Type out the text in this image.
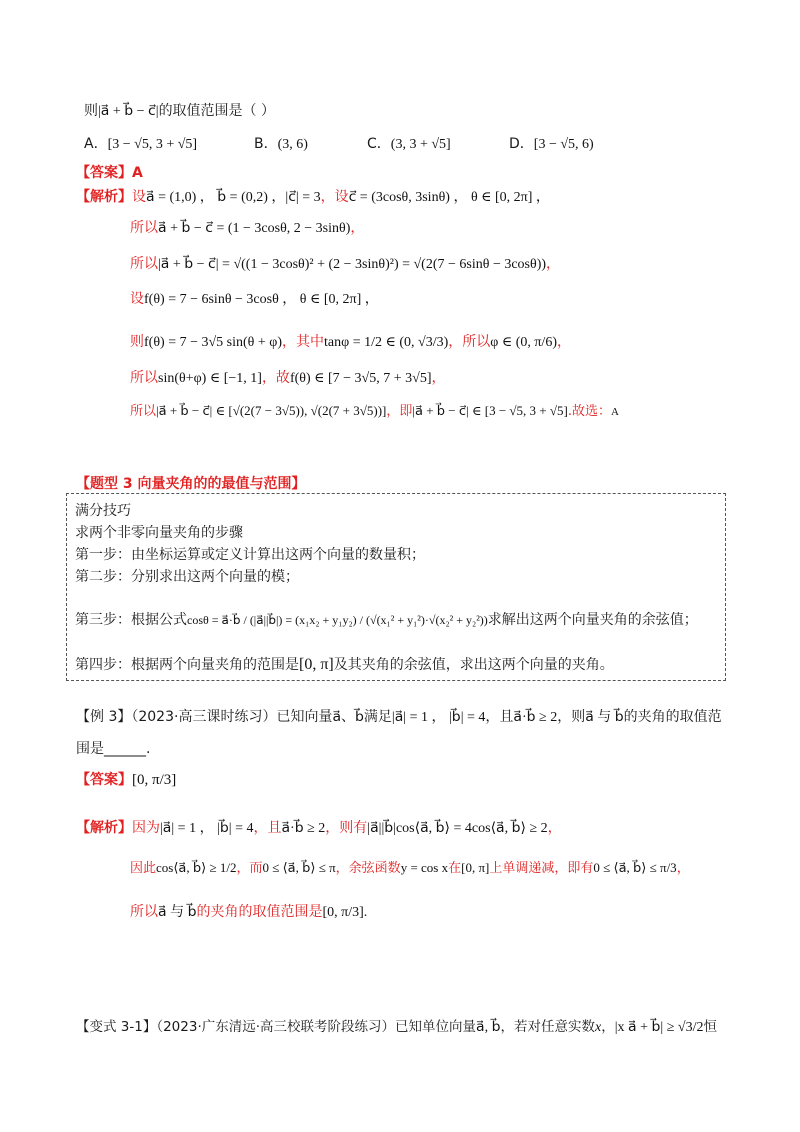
则|a⃗ + b⃗ − c⃗|的取值范围是（ ）
A．[3 − √5, 3 + √5]	B．(3, 6)	C．(3, 3 + √5]	D．[3 − √5, 6)
【答案】A
【解析】设a⃗ = (1,0) ， b⃗ = (0,2) ，|c⃗| = 3，设c⃗ = (3cosθ, 3sinθ) ， θ ∈ [0, 2π] ，
所以a⃗ + b⃗ − c⃗ = (1 − 3cosθ, 2 − 3sinθ)，
所以|a⃗ + b⃗ − c⃗| = √((1 − 3cosθ)² + (2 − 3sinθ)²) = √(2(7 − 6sinθ − 3cosθ))，
设f(θ) = 7 − 6sinθ − 3cosθ ， θ ∈ [0, 2π] ，
则f(θ) = 7 − 3√5 sin(θ + φ)，其中tanφ = 1/2 ∈ (0, √3/3)，所以φ ∈ (0, π/6)，
所以sin(θ+φ) ∈ [−1, 1]，故f(θ) ∈ [7 − 3√5, 7 + 3√5]，
所以|a⃗ + b⃗ − c⃗| ∈ [√(2(7 − 3√5)), √(2(7 + 3√5))]，即|a⃗ + b⃗ − c⃗| ∈ [3 − √5, 3 + √5].故选：A
【题型 3 向量夹角的的最值与范围】
满分技巧
求两个非零向量夹角的步骤
第一步：由坐标运算或定义计算出这两个向量的数量积；
第二步：分别求出这两个向量的模；
第三步：根据公式cosθ = a⃗·b⃗ / (|a⃗||b⃗|) = (x₁x₂ + y₁y₂) / (√(x₁² + y₁²)·√(x₂² + y₂²))求解出这两个向量夹角的余弦值；
第四步：根据两个向量夹角的范围是[0, π]及其夹角的余弦值，求出这两个向量的夹角。
【例 3】（2023·高三课时练习）已知向量a⃗、b⃗满足|a⃗| = 1 ， |b⃗| = 4，且a⃗·b⃗ ≥ 2，则a⃗ 与 b⃗的夹角的取值范
围是______.
【答案】[0, π/3]
【解析】因为|a⃗| = 1 ， |b⃗| = 4，且a⃗·b⃗ ≥ 2，则有|a⃗||b⃗|cos⟨a⃗, b⃗⟩ = 4cos⟨a⃗, b⃗⟩ ≥ 2，
因此cos⟨a⃗, b⃗⟩ ≥ 1/2，而0 ≤ ⟨a⃗, b⃗⟩ ≤ π，余弦函数y = cos x在[0, π]上单调递减，即有0 ≤ ⟨a⃗, b⃗⟩ ≤ π/3，
所以a⃗ 与 b⃗的夹角的取值范围是[0, π/3].
【变式 3-1】（2023·广东清远·高三校联考阶段练习）已知单位向量a⃗, b⃗，若对任意实数x，|x a⃗ + b⃗| ≥ √3/2恒
